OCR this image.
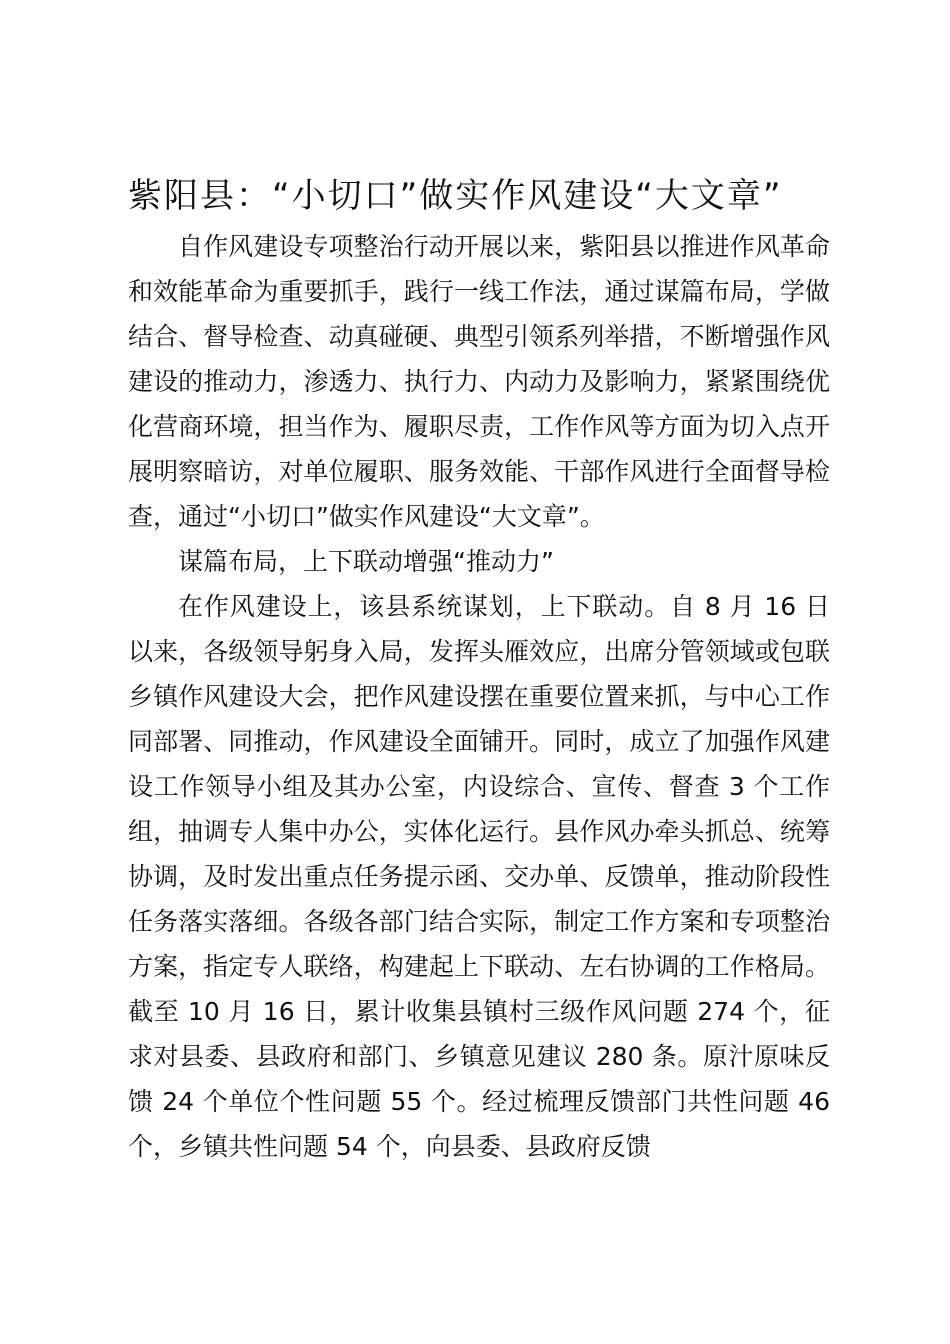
紫阳县：“小切口”做实作风建设“大文章”

自作风建设专项整治行动开展以来，紫阳县以推进作风革命和效能革命为重要抓手，践行一线工作法，通过谋篇布局，学做结合、督导检查、动真碰硬、典型引领系列举措，不断增强作风建设的推动力，渗透力、执行力、内动力及影响力，紧紧围绕优化营商环境，担当作为、履职尽责，工作作风等方面为切入点开展明察暗访，对单位履职、服务效能、干部作风进行全面督导检查，通过“小切口”做实作风建设“大文章”。

谋篇布局，上下联动增强“推动力”

在作风建设上，该县系统谋划，上下联动。自 8 月 16 日以来，各级领导躬身入局，发挥头雁效应，出席分管领域或包联乡镇作风建设大会，把作风建设摆在重要位置来抓，与中心工作同部署、同推动，作风建设全面铺开。同时，成立了加强作风建设工作领导小组及其办公室，内设综合、宣传、督查 3 个工作组，抽调专人集中办公，实体化运行。县作风办牵头抓总、统筹协调，及时发出重点任务提示函、交办单、反馈单，推动阶段性任务落实落细。各级各部门结合实际，制定工作方案和专项整治方案，指定专人联络，构建起上下联动、左右协调的工作格局。截至 10 月 16 日，累计收集县镇村三级作风问题 274 个，征求对县委、县政府和部门、乡镇意见建议 280 条。原汁原味反馈 24 个单位个性问题 55 个。经过梳理反馈部门共性问题 46 个，乡镇共性问题 54 个，向县委、县政府反馈
